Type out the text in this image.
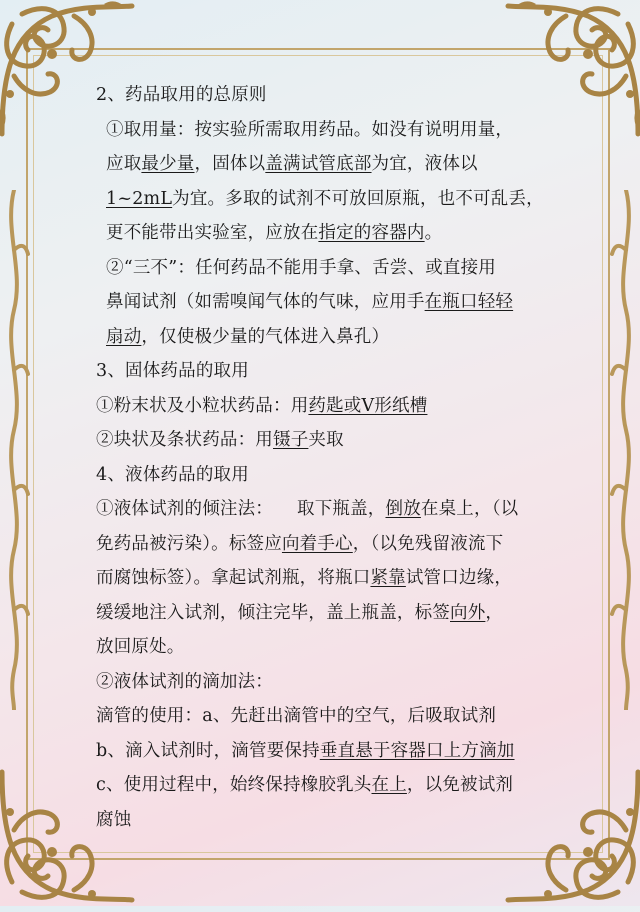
2、药品取用的总原则
①取用量：按实验所需取用药品。如没有说明用量，
应取最少量，固体以盖满试管底部为宜，液体以
1~2mL为宜。多取的试剂不可放回原瓶，也不可乱丢，
更不能带出实验室，应放在指定的容器内。
②“三不”：任何药品不能用手拿、舌尝、或直接用
鼻闻试剂（如需嗅闻气体的气味，应用手在瓶口轻轻
扇动，仅使极少量的气体进入鼻孔）
3、固体药品的取用
①粉末状及小粒状药品：用药匙或V形纸槽
②块状及条状药品：用镊子夹取
4、液体药品的取用
①液体试剂的倾注法： 取下瓶盖，倒放在桌上，（以
免药品被污染）。标签应向着手心，（以免残留液流下
而腐蚀标签）。拿起试剂瓶，将瓶口紧靠试管口边缘，
缓缓地注入试剂，倾注完毕，盖上瓶盖，标签向外，
放回原处。
②液体试剂的滴加法：
滴管的使用：a、先赶出滴管中的空气，后吸取试剂
b、滴入试剂时，滴管要保持垂直悬于容器口上方滴加
c、使用过程中，始终保持橡胶乳头在上，以免被试剂
腐蚀
